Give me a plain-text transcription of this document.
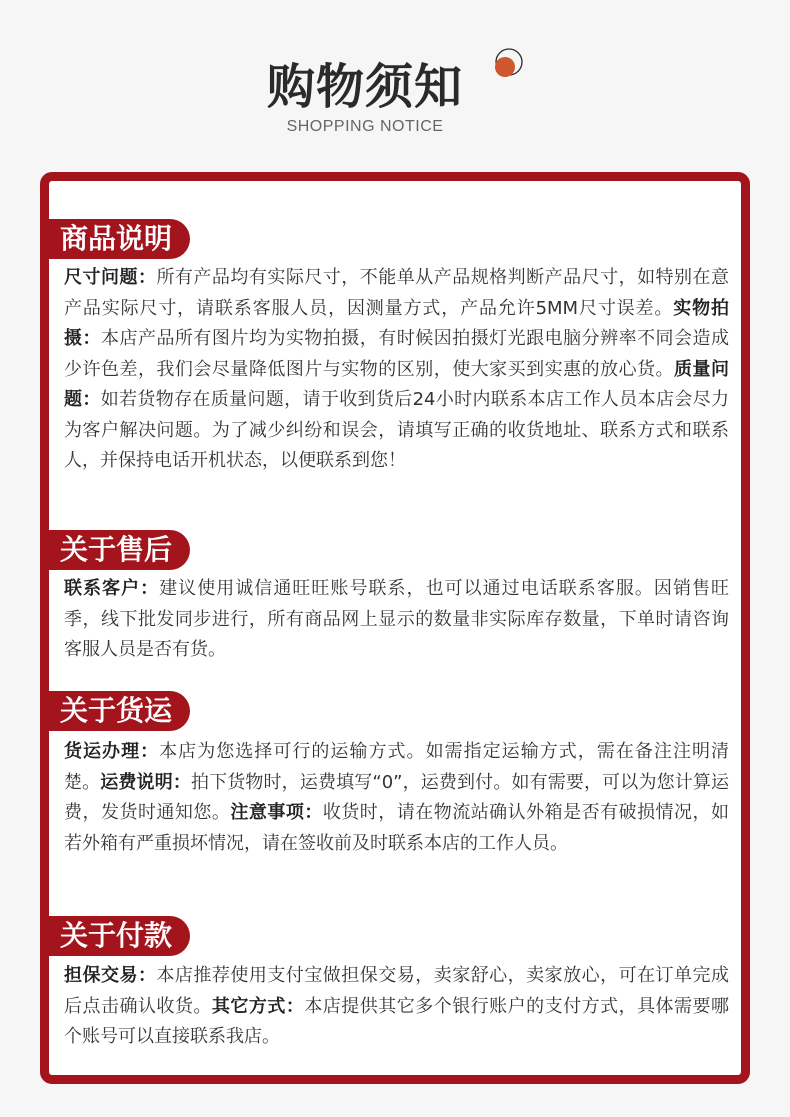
购物须知
SHOPPING NOTICE
商品说明
尺寸问题：所有产品均有实际尺寸，不能单从产品规格判断产品尺寸，如特别在意产品实际尺寸，请联系客服人员，因测量方式，产品允许5MM尺寸误差。实物拍摄：本店产品所有图片均为实物拍摄，有时候因拍摄灯光跟电脑分辨率不同会造成少许色差，我们会尽量降低图片与实物的区别，使大家买到实惠的放心货。质量问题：如若货物存在质量问题，请于收到货后24小时内联系本店工作人员本店会尽力为客户解决问题。为了减少纠纷和误会，请填写正确的收货地址、联系方式和联系人，并保持电话开机状态，以便联系到您！
关于售后
联系客户：建议使用诚信通旺旺账号联系，也可以通过电话联系客服。因销售旺季，线下批发同步进行，所有商品网上显示的数量非实际库存数量，下单时请咨询客服人员是否有货。
关于货运
货运办理：本店为您选择可行的运输方式。如需指定运输方式，需在备注注明清楚。运费说明：拍下货物时，运费填写“0”，运费到付。如有需要，可以为您计算运费，发货时通知您。注意事项：收货时，请在物流站确认外箱是否有破损情况，如若外箱有严重损坏情况，请在签收前及时联系本店的工作人员。
关于付款
担保交易：本店推荐使用支付宝做担保交易，卖家舒心，卖家放心，可在订单完成后点击确认收货。其它方式：本店提供其它多个银行账户的支付方式，具体需要哪个账号可以直接联系我店。
